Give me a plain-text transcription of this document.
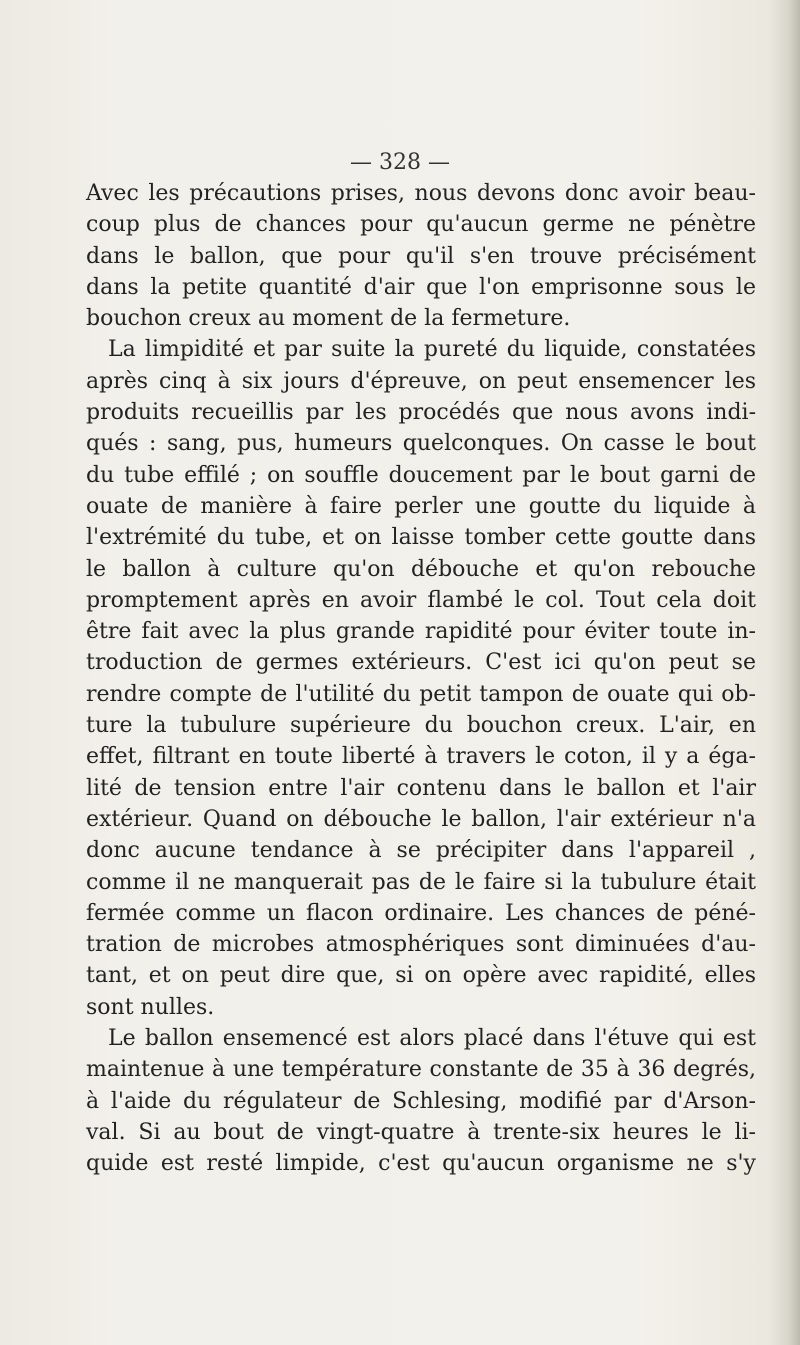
— 328 —
Avec les précautions prises, nous devons donc avoir beau-
coup plus de chances pour qu'aucun germe ne pénètre
dans le ballon, que pour qu'il s'en trouve précisément
dans la petite quantité d'air que l'on emprisonne sous le
bouchon creux au moment de la fermeture.
La limpidité et par suite la pureté du liquide, constatées
après cinq à six jours d'épreuve, on peut ensemencer les
produits recueillis par les procédés que nous avons indi-
qués : sang, pus, humeurs quelconques. On casse le bout
du tube effilé ; on souffle doucement par le bout garni de
ouate de manière à faire perler une goutte du liquide à
l'extrémité du tube, et on laisse tomber cette goutte dans
le ballon à culture qu'on débouche et qu'on rebouche
promptement après en avoir flambé le col. Tout cela doit
être fait avec la plus grande rapidité pour éviter toute in-
troduction de germes extérieurs. C'est ici qu'on peut se
rendre compte de l'utilité du petit tampon de ouate qui ob-
ture la tubulure supérieure du bouchon creux. L'air, en
effet, filtrant en toute liberté à travers le coton, il y a éga-
lité de tension entre l'air contenu dans le ballon et l'air
extérieur. Quand on débouche le ballon, l'air extérieur n'a
donc aucune tendance à se précipiter dans l'appareil ,
comme il ne manquerait pas de le faire si la tubulure était
fermée comme un flacon ordinaire. Les chances de péné-
tration de microbes atmosphériques sont diminuées d'au-
tant, et on peut dire que, si on opère avec rapidité, elles
sont nulles.
Le ballon ensemencé est alors placé dans l'étuve qui est
maintenue à une température constante de 35 à 36 degrés,
à l'aide du régulateur de Schlesing, modifié par d'Arson-
val. Si au bout de vingt-quatre à trente-six heures le li-
quide est resté limpide, c'est qu'aucun organisme ne s'y
